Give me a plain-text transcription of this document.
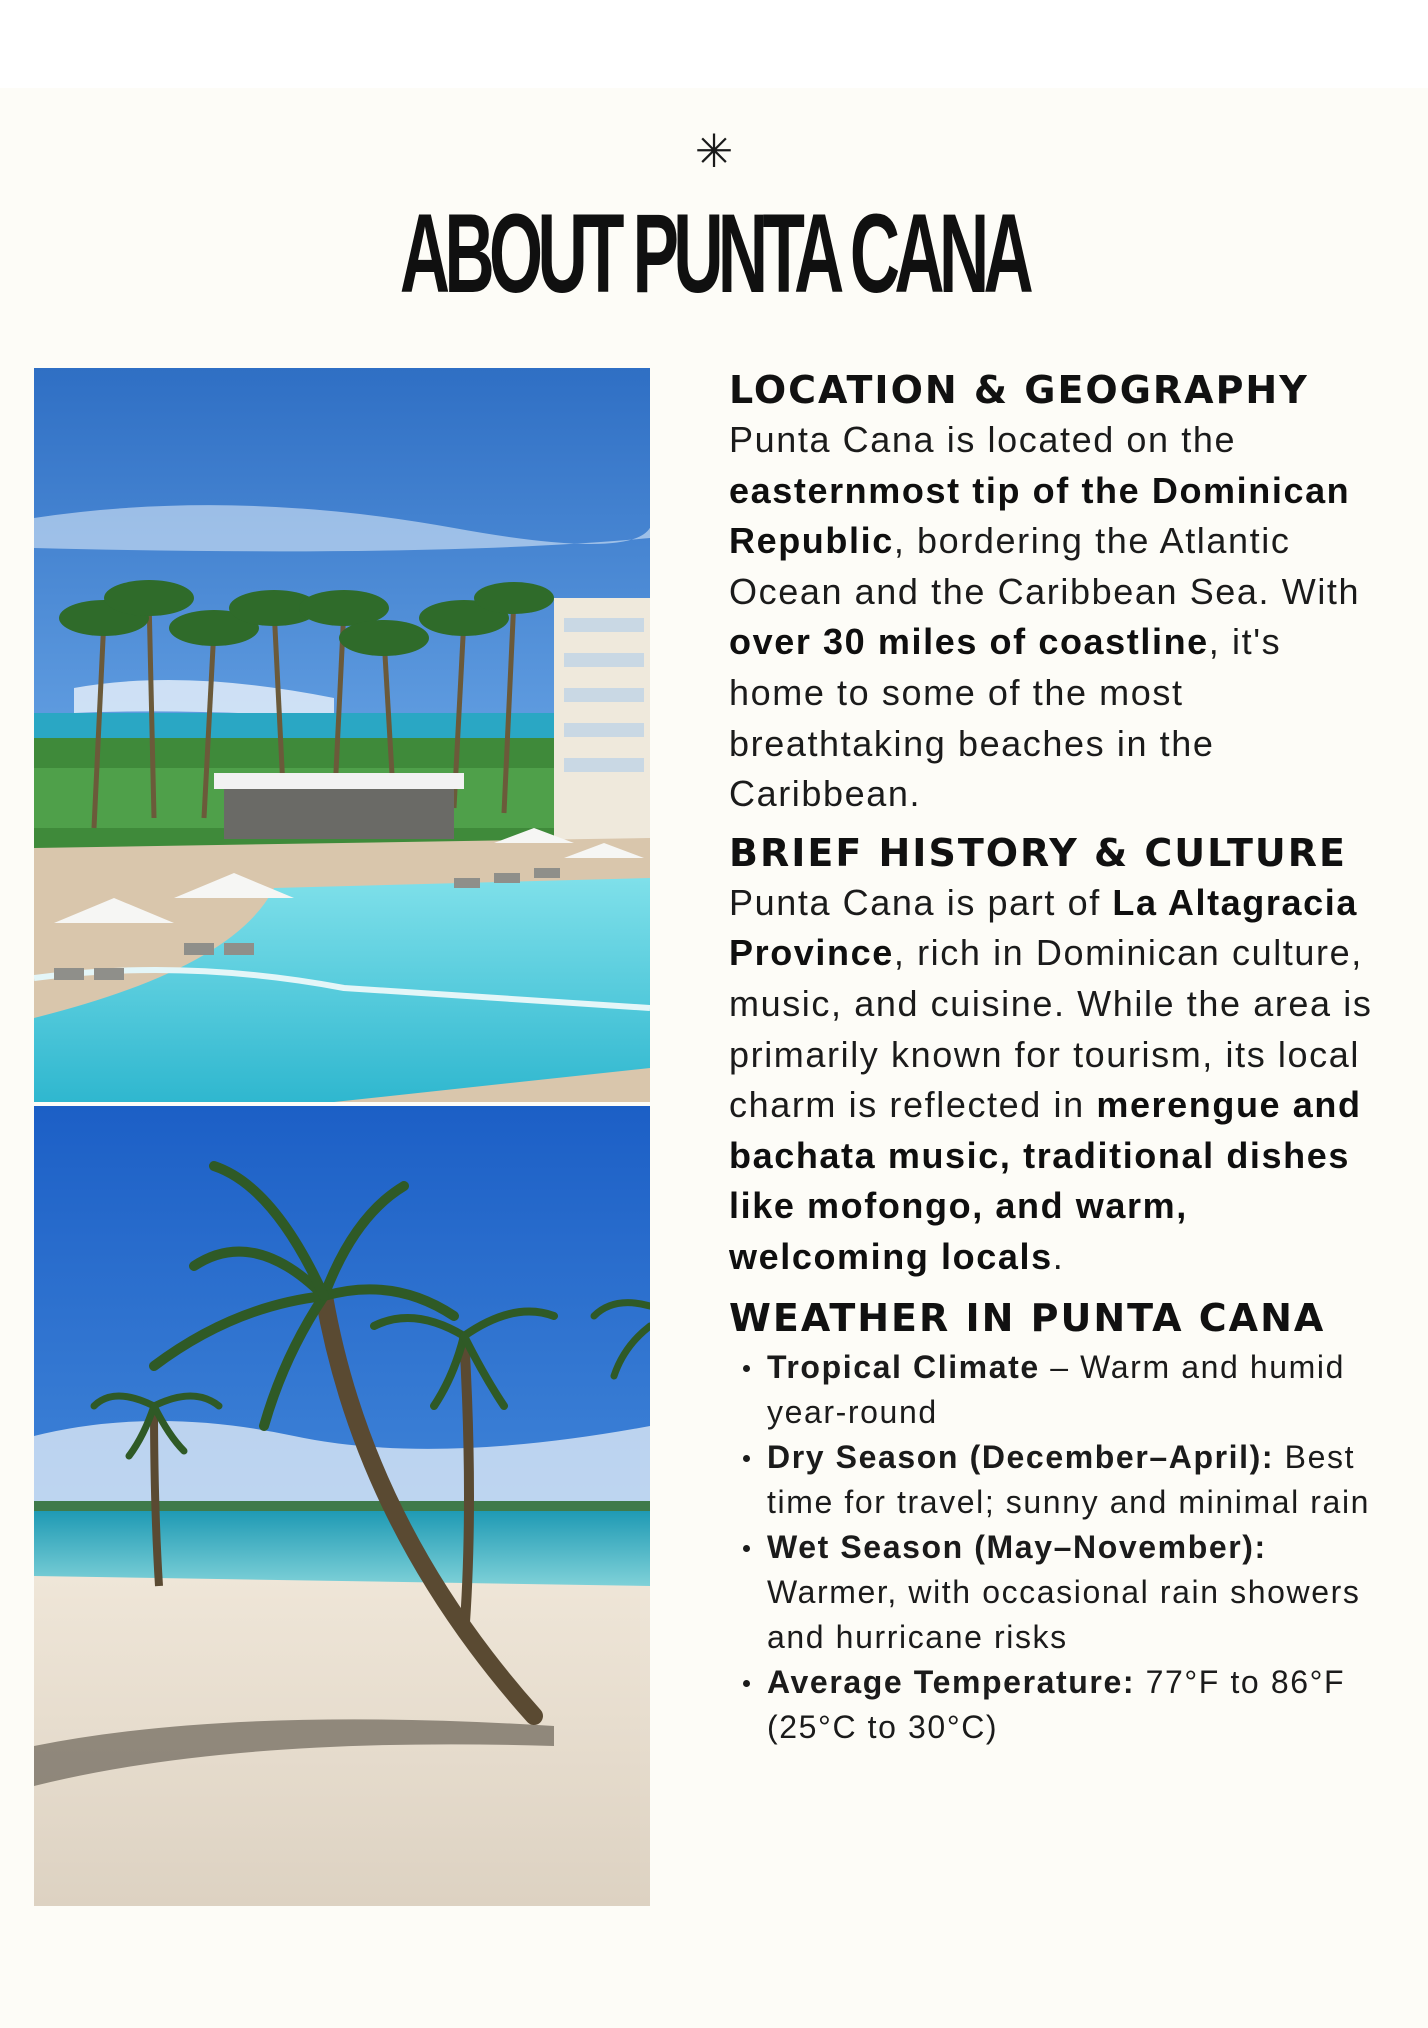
✳
ABOUT PUNTA CANA
LOCATION & GEOGRAPHY

Punta Cana is located on the easternmost tip of the Dominican Republic, bordering the Atlantic Ocean and the Caribbean Sea. With over 30 miles of coastline, it's home to some of the most breathtaking beaches in the Caribbean.

BRIEF HISTORY & CULTURE

Punta Cana is part of La Altagracia Province, rich in Dominican culture, music, and cuisine. While the area is primarily known for tourism, its local charm is reflected in merengue and bachata music, traditional dishes like mofongo, and warm, welcoming locals.

WEATHER IN PUNTA CANA
Tropical Climate – Warm and humid year-round
Dry Season (December–April): Best time for travel; sunny and minimal rain
Wet Season (May–November): Warmer, with occasional rain showers and hurricane risks
Average Temperature: 77°F to 86°F (25°C to 30°C)
